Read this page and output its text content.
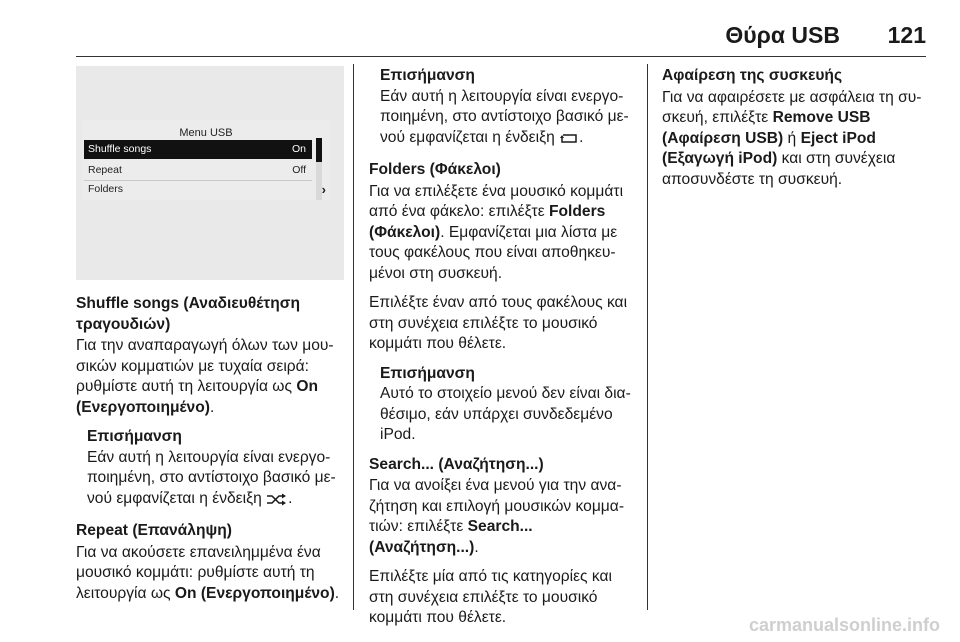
Θύρα USB 121
Menu USB
Shuffle songs	On
Repeat	Off
Folders	›
Shuffle songs (Αναδιευθέτηση τραγουδιών)

Για την αναπαραγωγή όλων των μουσικών κομματιών με τυχαία σειρά: ρυθμίστε αυτή τη λειτουργία ως On (Ενεργοποιημένο).

Επισήμανση
Εάν αυτή η λειτουργία είναι ενεργοποιημένη, στο αντίστοιχο βασικό μενού εμφανίζεται η ένδειξη .
Repeat (Επανάληψη)

Για να ακούσετε επανειλημμένα ένα μουσικό κομμάτι: ρυθμίστε αυτή τη λειτουργία ως On (Ενεργοποιημένο).

Επισήμανση
Εάν αυτή η λειτουργία είναι ενεργοποιημένη, στο αντίστοιχο βασικό μενού εμφανίζεται η ένδειξη .
Folders (Φάκελοι)

Για να επιλέξετε ένα μουσικό κομμάτι από ένα φάκελο: επιλέξτε Folders (Φάκελοι). Εμφανίζεται μια λίστα με τους φακέλους που είναι αποθηκευμένοι στη συσκευή.

Επιλέξτε έναν από τους φακέλους και στη συνέχεια επιλέξτε το μουσικό κομμάτι που θέλετε.

Επισήμανση
Αυτό το στοιχείο μενού δεν είναι διαθέσιμο, εάν υπάρχει συνδεδεμένο iPod.
Search... (Αναζήτηση...)

Για να ανοίξει ένα μενού για την αναζήτηση και επιλογή μουσικών κομματιών: επιλέξτε Search... (Αναζήτηση...).

Επιλέξτε μία από τις κατηγορίες και στη συνέχεια επιλέξτε το μουσικό κομμάτι που θέλετε.

Αφαίρεση της συσκευής

Για να αφαιρέσετε με ασφάλεια τη συσκευή, επιλέξτε Remove USB (Αφαίρεση USB) ή Eject iPod (Εξαγωγή iPod) και στη συνέχεια αποσυνδέστε τη συσκευή.

carmanualsonline.info
